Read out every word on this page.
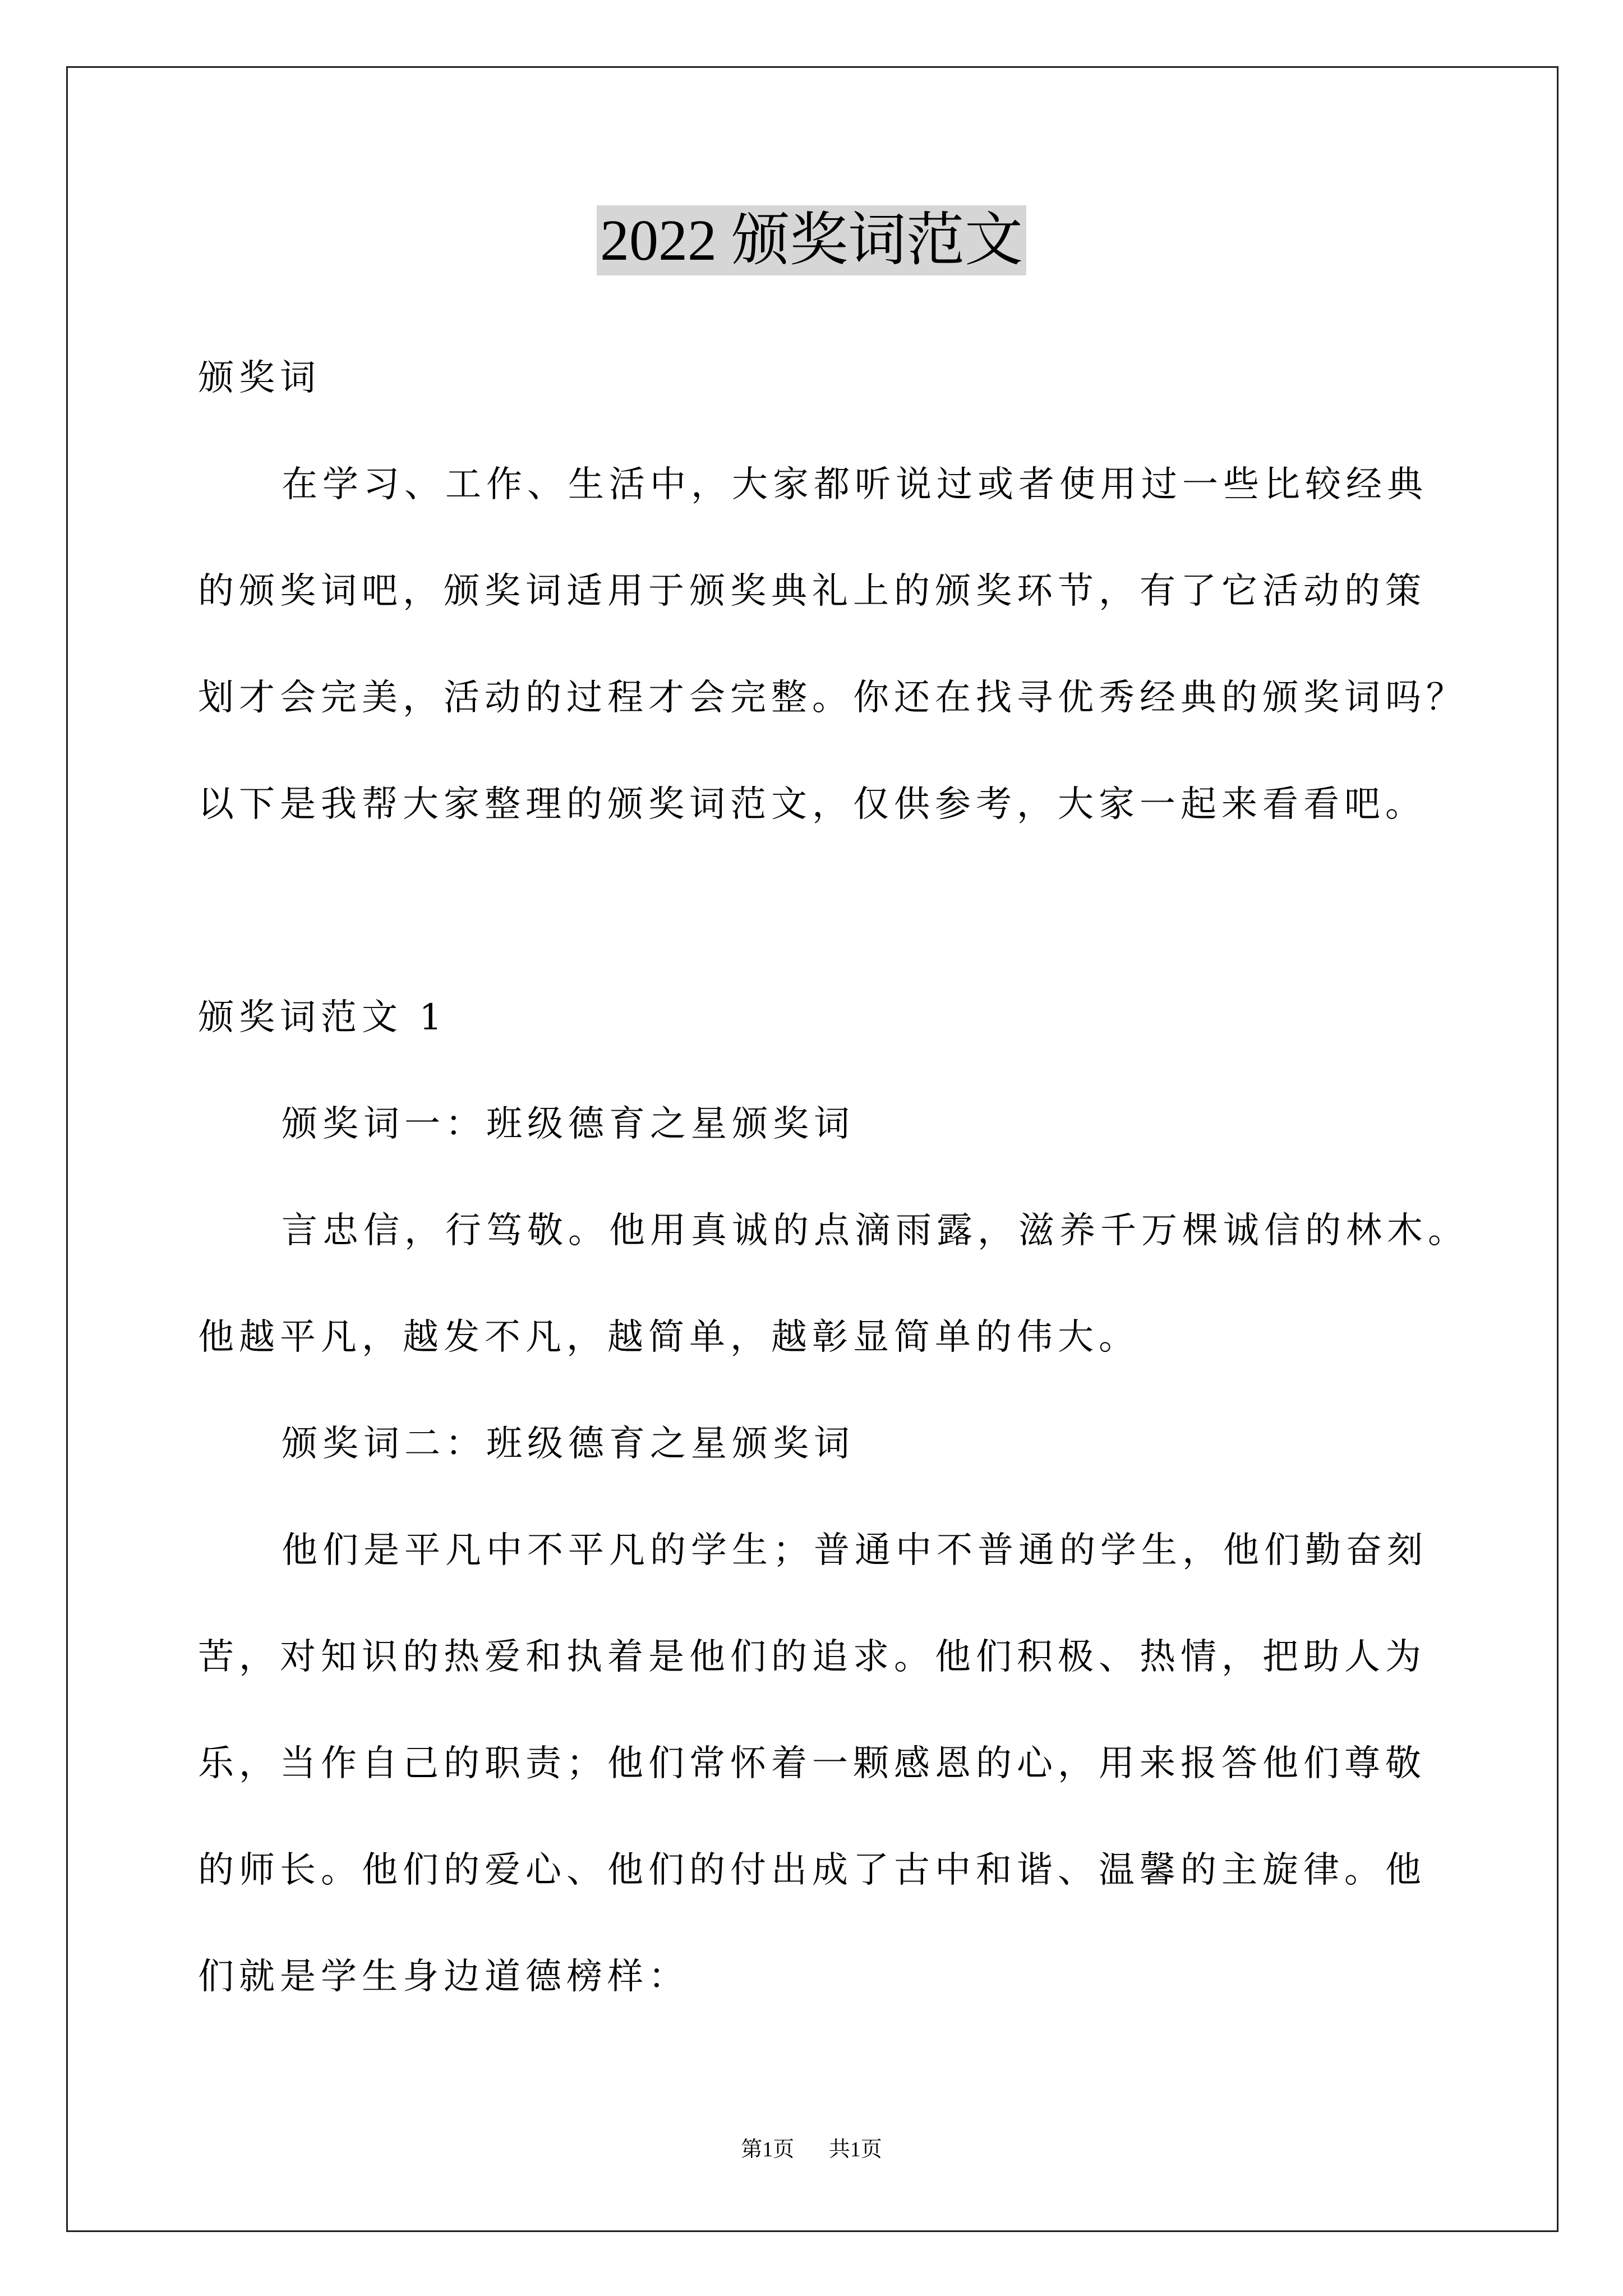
2022 颁奖词范文
颁奖词
在学习、工作、生活中，大家都听说过或者使用过一些比较经典
的颁奖词吧，颁奖词适用于颁奖典礼上的颁奖环节，有了它活动的策
划才会完美，活动的过程才会完整。你还在找寻优秀经典的颁奖词吗？
以下是我帮大家整理的颁奖词范文，仅供参考，大家一起来看看吧。
颁奖词范文 1
颁奖词一：班级德育之星颁奖词
言忠信，行笃敬。他用真诚的点滴雨露，滋养千万棵诚信的林木。
他越平凡，越发不凡，越简单，越彰显简单的伟大。
颁奖词二：班级德育之星颁奖词
他们是平凡中不平凡的学生；普通中不普通的学生，他们勤奋刻
苦，对知识的热爱和执着是他们的追求。他们积极、热情，把助人为
乐，当作自己的职责；他们常怀着一颗感恩的心，用来报答他们尊敬
的师长。他们的爱心、他们的付出成了古中和谐、温馨的主旋律。他
们就是学生身边道德榜样：
第1页 共1页
